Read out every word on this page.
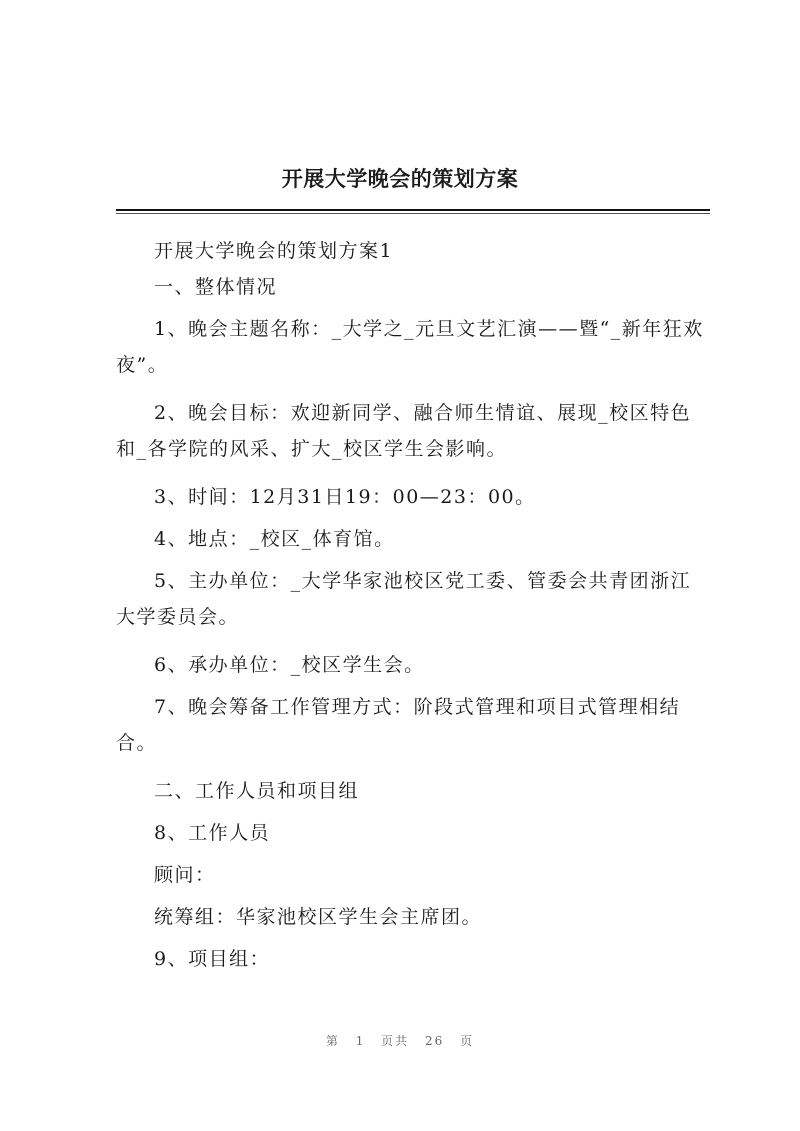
开展大学晚会的策划方案

开展大学晚会的策划方案1

一、整体情况

1、晚会主题名称：_大学之_元旦文艺汇演——暨“_新年狂欢夜”。

2、晚会目标：欢迎新同学、融合师生情谊、展现_校区特色和_各学院的风采、扩大_校区学生会影响。

3、时间：12月31日19：00—23：00。

4、地点：_校区_体育馆。

5、主办单位：_大学华家池校区党工委、管委会共青团浙江大学委员会。

6、承办单位：_校区学生会。

7、晚会筹备工作管理方式：阶段式管理和项目式管理相结合。

二、工作人员和项目组

8、工作人员

顾问：

统筹组：华家池校区学生会主席团。

9、项目组：

第 1 页共 26 页
